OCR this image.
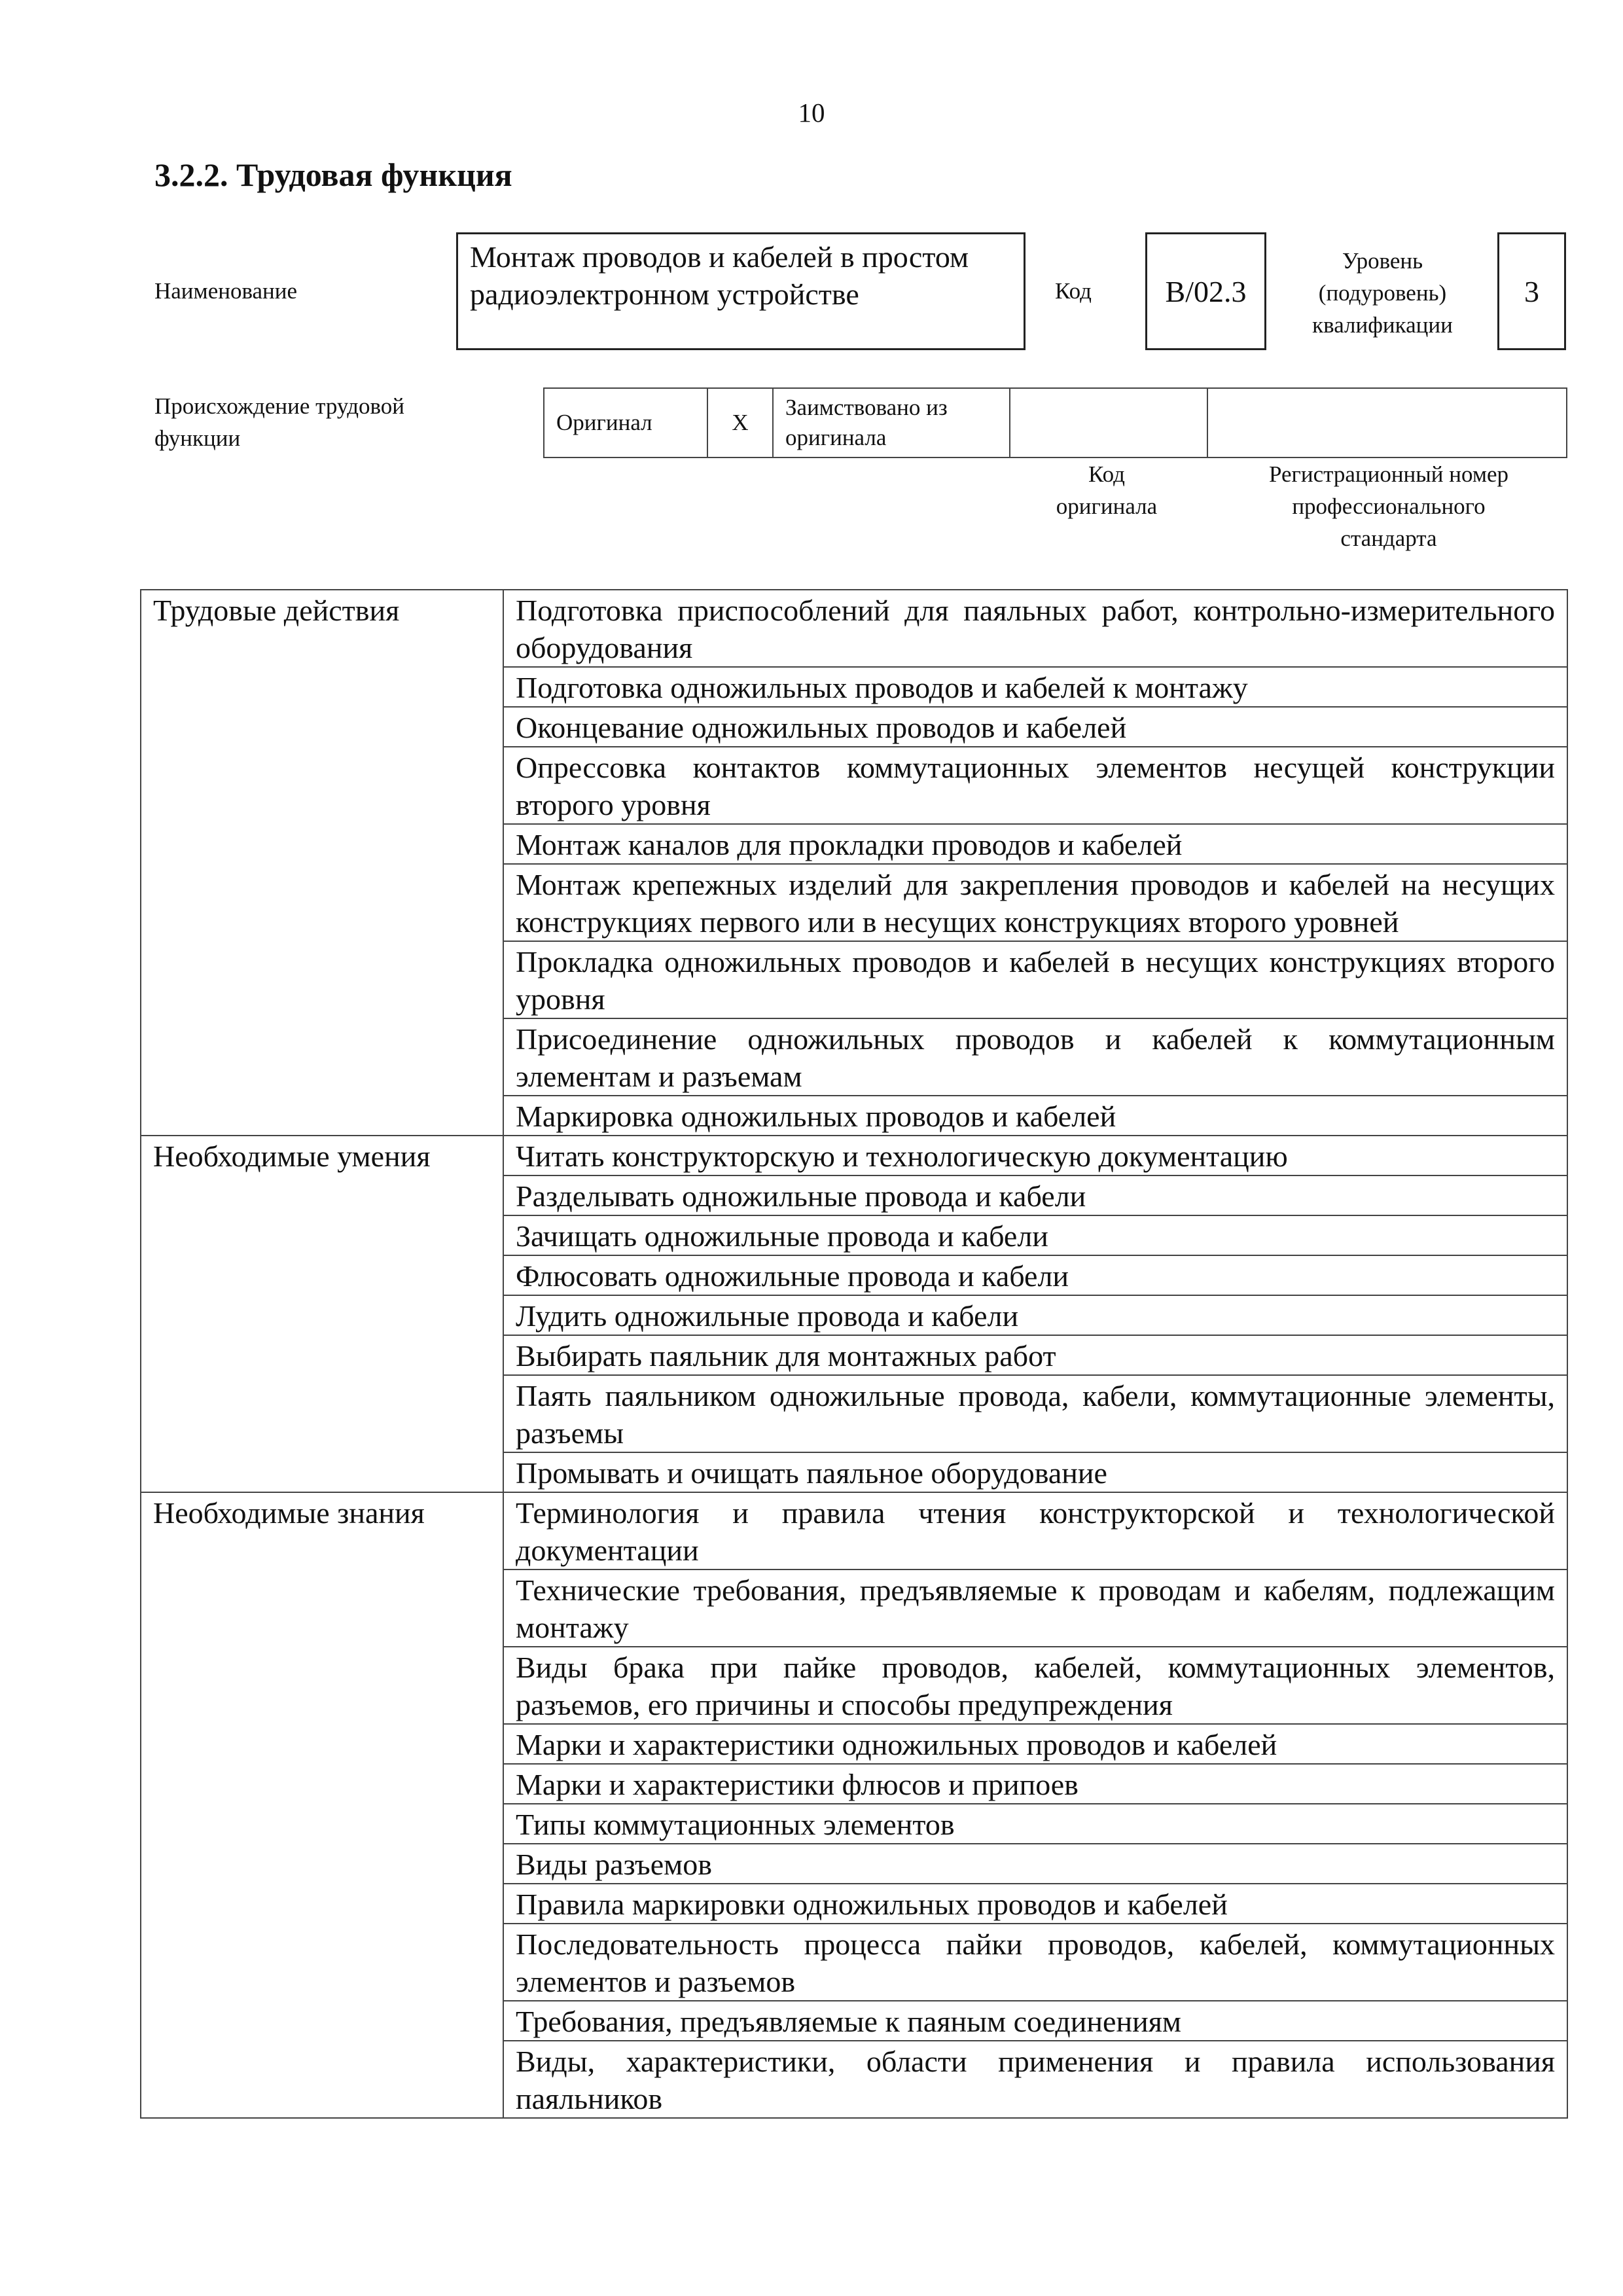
10
3.2.2. Трудовая функция
Наименование
Монтаж проводов и кабелей в простом радиоэлектронном устройстве	Код B/02.3
Уровень
(подуровень)
квалификации
3
Происхождение трудовой
функции
Оригинал	X	
Заимствовано из
оригинала

Код
оригинала
Регистрационный номер
профессионального
стандарта
Трудовые действия	Подготовка приспособлений для паяльных работ, контрольно-измерительного оборудования
	Подготовка одножильных проводов и кабелей к монтажу
	Оконцевание одножильных проводов и кабелей
	Опрессовка контактов коммутационных элементов несущей конструкции второго уровня
	Монтаж каналов для прокладки проводов и кабелей
	Монтаж крепежных изделий для закрепления проводов и кабелей на несущих конструкциях первого или в несущих конструкциях второго уровней
	Прокладка одножильных проводов и кабелей в несущих конструкциях второго уровня
	Присоединение одножильных проводов и кабелей к коммутационным элементам и разъемам
	Маркировка одножильных проводов и кабелей
Необходимые умения	Читать конструкторскую и технологическую документацию
	Разделывать одножильные провода и кабели
	Зачищать одножильные провода и кабели
	Флюсовать одножильные провода и кабели
	Лудить одножильные провода и кабели
	Выбирать паяльник для монтажных работ
	Паять паяльником одножильные провода, кабели, коммутационные элементы, разъемы
	Промывать и очищать паяльное оборудование
Необходимые знания	Терминология и правила чтения конструкторской и технологической документации
	Технические требования, предъявляемые к проводам и кабелям, подлежащим монтажу
	Виды брака при пайке проводов, кабелей, коммутационных элементов, разъемов, его причины и способы предупреждения
	Марки и характеристики одножильных проводов и кабелей
	Марки и характеристики флюсов и припоев
	Типы коммутационных элементов
	Виды разъемов
	Правила маркировки одножильных проводов и кабелей
	Последовательность процесса пайки проводов, кабелей, коммутационных элементов и разъемов
	Требования, предъявляемые к паяным соединениям
	Виды, характеристики, области применения и правила использования паяльников
